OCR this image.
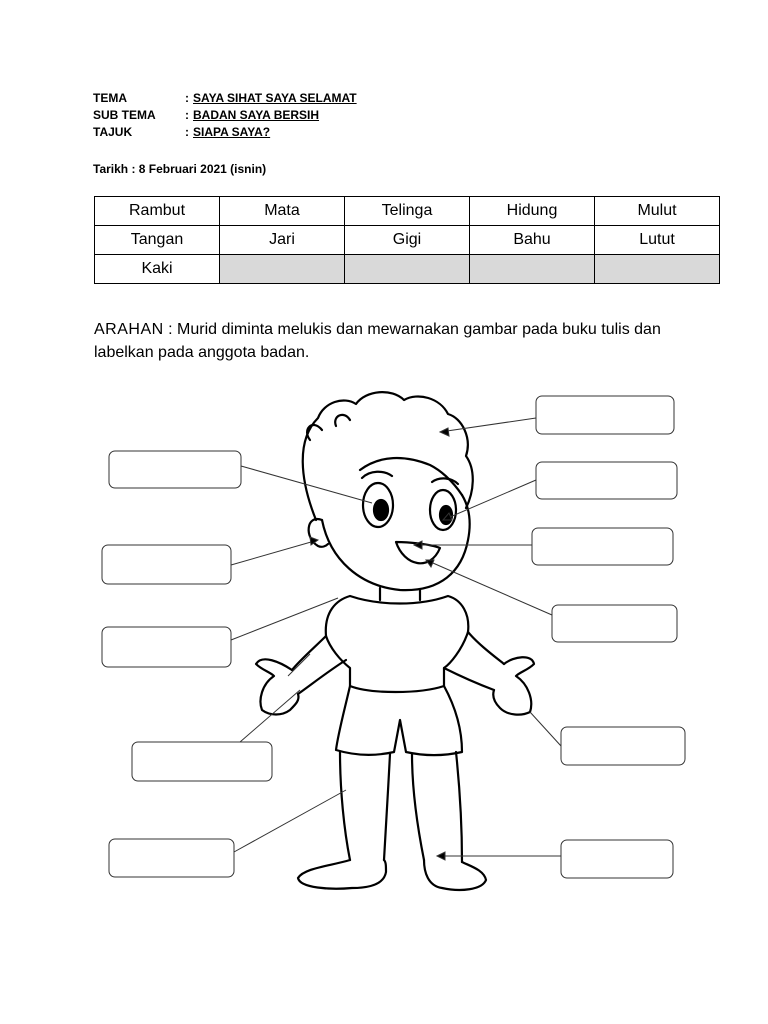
TEMA	: SAYA SIHAT SAYA SELAMAT
SUB TEMA	: BADAN SAYA BERSIH
TAJUK	: SIAPA SAYA?
Tarikh : 8 Februari 2021 (isnin)
Rambut	Mata	Telinga	Hidung	Mulut
Tangan	Jari	Gigi	Bahu	Lutut
Kaki				
ARAHAN : Murid diminta melukis dan mewarnakan gambar pada buku tulis dan labelkan pada anggota badan.
